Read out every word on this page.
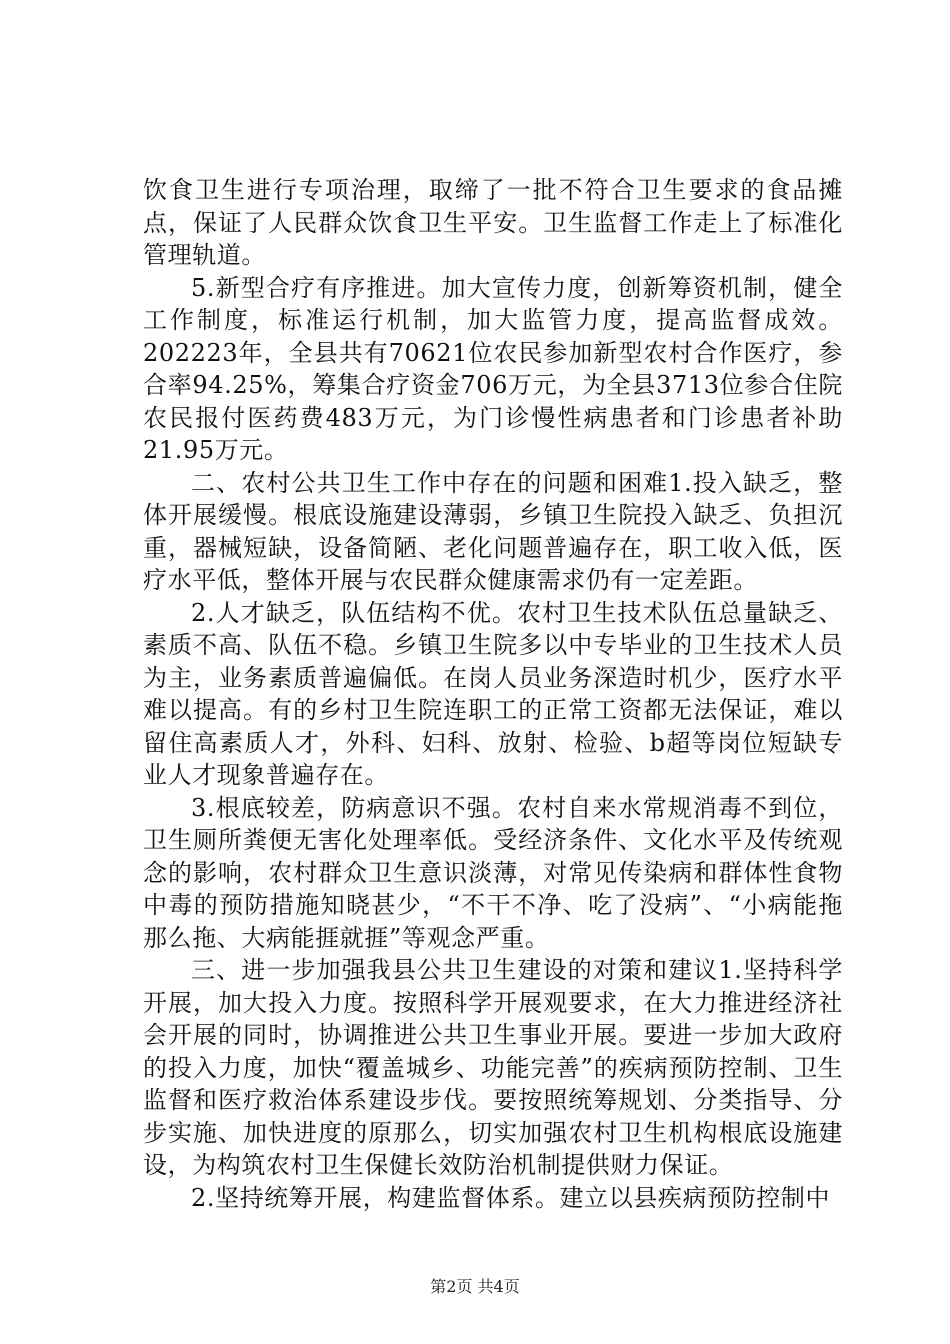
饮食卫生进行专项治理，取缔了一批不符合卫生要求的食品摊点，保证了人民群众饮食卫生平安。卫生监督工作走上了标准化管理轨道。

5.新型合疗有序推进。加大宣传力度，创新筹资机制，健全工作制度，标准运行机制，加大监管力度，提高监督成效。202223年，全县共有70621位农民参加新型农村合作医疗，参合率94.25%，筹集合疗资金706万元，为全县3713位参合住院农民报付医药费483万元，为门诊慢性病患者和门诊患者补助21.95万元。

二、农村公共卫生工作中存在的问题和困难1.投入缺乏，整体开展缓慢。根底设施建设薄弱，乡镇卫生院投入缺乏、负担沉重，器械短缺，设备简陋、老化问题普遍存在，职工收入低，医疗水平低，整体开展与农民群众健康需求仍有一定差距。

2.人才缺乏，队伍结构不优。农村卫生技术队伍总量缺乏、素质不高、队伍不稳。乡镇卫生院多以中专毕业的卫生技术人员为主，业务素质普遍偏低。在岗人员业务深造时机少，医疗水平难以提高。有的乡村卫生院连职工的正常工资都无法保证，难以留住高素质人才，外科、妇科、放射、检验、b超等岗位短缺专业人才现象普遍存在。

3.根底较差，防病意识不强。农村自来水常规消毒不到位，卫生厕所粪便无害化处理率低。受经济条件、文化水平及传统观念的影响，农村群众卫生意识淡薄，对常见传染病和群体性食物中毒的预防措施知晓甚少，“不干不净、吃了没病”、“小病能拖那么拖、大病能捱就捱”等观念严重。

三、进一步加强我县公共卫生建设的对策和建议1.坚持科学开展，加大投入力度。按照科学开展观要求，在大力推进经济社会开展的同时，协调推进公共卫生事业开展。要进一步加大政府的投入力度，加快“覆盖城乡、功能完善”的疾病预防控制、卫生监督和医疗救治体系建设步伐。要按照统筹规划、分类指导、分步实施、加快进度的原那么，切实加强农村卫生机构根底设施建设，为构筑农村卫生保健长效防治机制提供财力保证。

2.坚持统筹开展，构建监督体系。建立以县疾病预防控制中

第2页 共4页
